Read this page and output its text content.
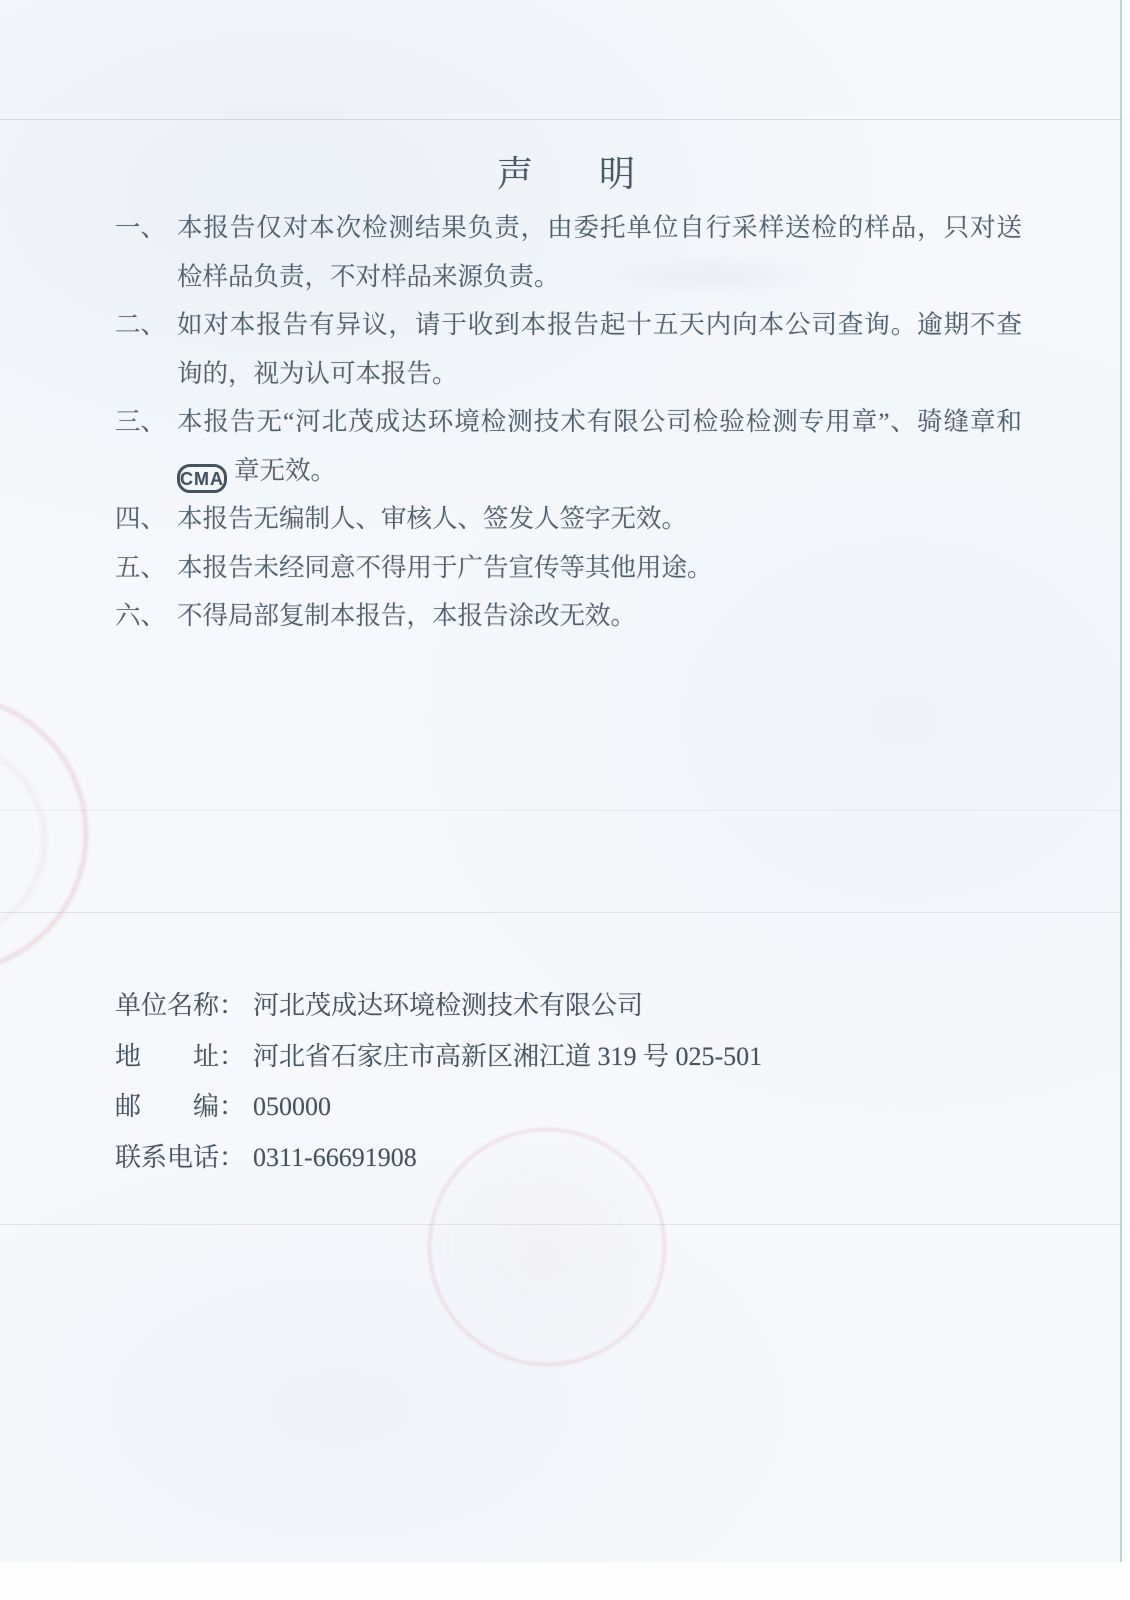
声明
一、 本报告仅对本次检测结果负责，由委托单位自行采样送检的样品，只对送
检样品负责，不对样品来源负责。
二、 如对本报告有异议，请于收到本报告起十五天内向本公司查询。逾期不查
询的，视为认可本报告。
三、 本报告无“河北茂成达环境检测技术有限公司检验检测专用章”、骑缝章和
CMA 章无效。
四、 本报告无编制人、审核人、签发人签字无效。
五、 本报告未经同意不得用于广告宣传等其他用途。
六、 不得局部复制本报告，本报告涂改无效。
单位名称： 河北茂成达环境检测技术有限公司
地　　址： 河北省石家庄市高新区湘江道 319 号 025-501
邮　　编： 050000
联系电话： 0311-66691908
